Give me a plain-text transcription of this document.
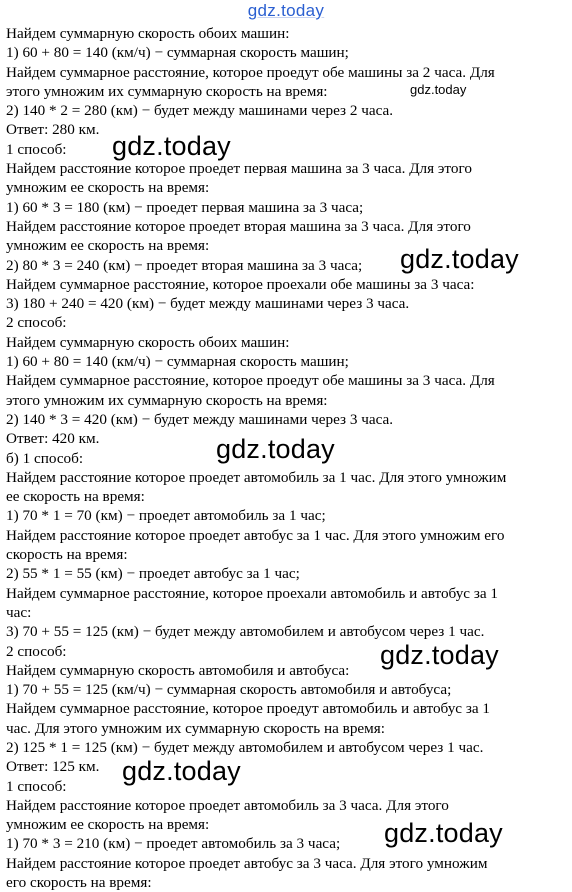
gdz.today
Найдем суммарную скорость обоих машин:
1) 60 + 80 = 140 (км/ч) − суммарная скорость машин;
Найдем суммарное расстояние, которое проедут обе машины за 2 часа. Для
этого умножим их суммарную скорость на время:
2) 140 * 2 = 280 (км) − будет между машинами через 2 часа.
Ответ: 280 км.
1 способ:
Найдем расстояние которое проедет первая машина за 3 часа. Для этого
умножим ее скорость на время:
1) 60 * 3 = 180 (км) − проедет первая машина за 3 часа;
Найдем расстояние которое проедет вторая машина за 3 часа. Для этого
умножим ее скорость на время:
2) 80 * 3 = 240 (км) − проедет вторая машина за 3 часа;
Найдем суммарное расстояние, которое проехали обе машины за 3 часа:
3) 180 + 240 = 420 (км) − будет между машинами через 3 часа.
2 способ:
Найдем суммарную скорость обоих машин:
1) 60 + 80 = 140 (км/ч) − суммарная скорость машин;
Найдем суммарное расстояние, которое проедут обе машины за 3 часа. Для
этого умножим их суммарную скорость на время:
2) 140 * 3 = 420 (км) − будет между машинами через 3 часа.
Ответ: 420 км.
б) 1 способ:
Найдем расстояние которое проедет автомобиль за 1 час. Для этого умножим
ее скорость на время:
1) 70 * 1 = 70 (км) − проедет автомобиль за 1 час;
Найдем расстояние которое проедет автобус за 1 час. Для этого умножим его
скорость на время:
2) 55 * 1 = 55 (км) − проедет автобус за 1 час;
Найдем суммарное расстояние, которое проехали автомобиль и автобус за 1
час:
3) 70 + 55 = 125 (км) − будет между автомобилем и автобусом через 1 час.
2 способ:
Найдем суммарную скорость автомобиля и автобуса:
1) 70 + 55 = 125 (км/ч) − суммарная скорость автомобиля и автобуса;
Найдем суммарное расстояние, которое проедут автомобиль и автобус за 1
час. Для этого умножим их суммарную скорость на время:
2) 125 * 1 = 125 (км) − будет между автомобилем и автобусом через 1 час.
Ответ: 125 км.
1 способ:
Найдем расстояние которое проедет автомобиль за 3 часа. Для этого
умножим ее скорость на время:
1) 70 * 3 = 210 (км) − проедет автомобиль за 3 часа;
Найдем расстояние которое проедет автобус за 3 часа. Для этого умножим
его скорость на время:
gdz.today
gdz.today
gdz.today
gdz.today
gdz.today
gdz.today
gdz.today
